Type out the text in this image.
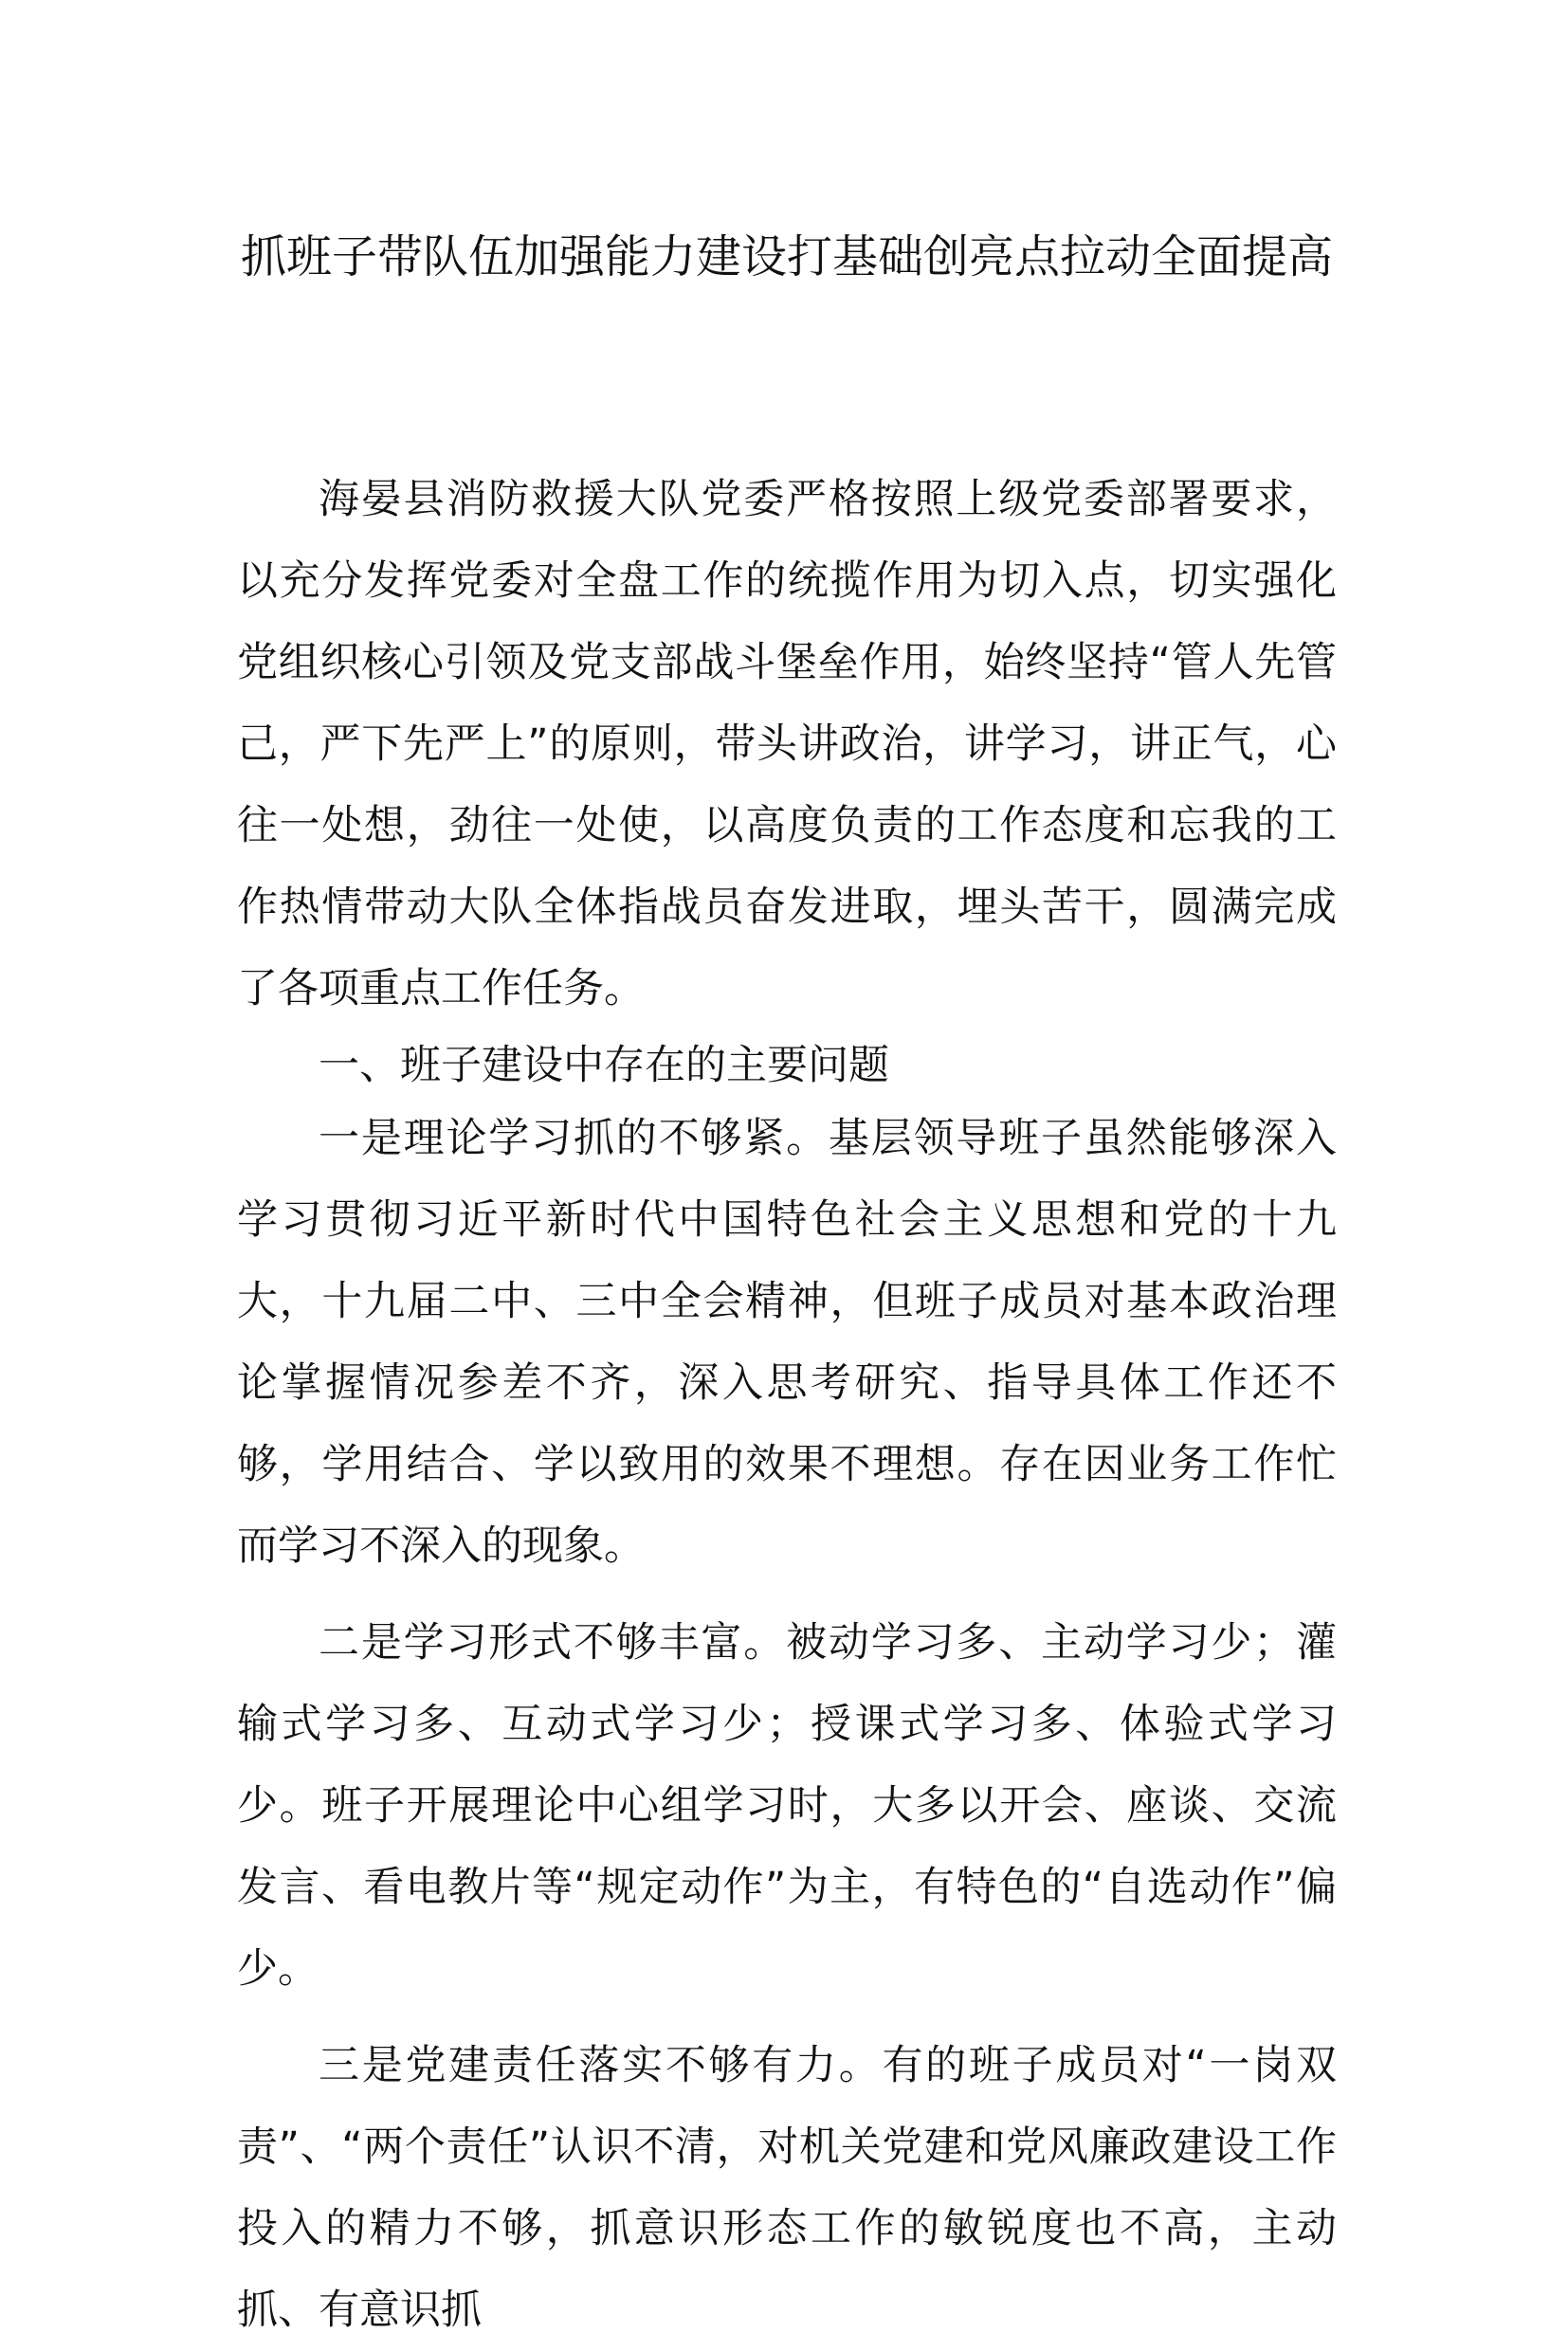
抓班子带队伍加强能力建设打基础创亮点拉动全面提高

海晏县消防救援大队党委严格按照上级党委部署要求，以充分发挥党委对全盘工作的统揽作用为切入点，切实强化党组织核心引领及党支部战斗堡垒作用，始终坚持“管人先管己，严下先严上”的原则，带头讲政治，讲学习，讲正气，心往一处想，劲往一处使，以高度负责的工作态度和忘我的工作热情带动大队全体指战员奋发进取，埋头苦干，圆满完成了各项重点工作任务。

一、班子建设中存在的主要问题

一是理论学习抓的不够紧。基层领导班子虽然能够深入学习贯彻习近平新时代中国特色社会主义思想和党的十九大，十九届二中、三中全会精神，但班子成员对基本政治理论掌握情况参差不齐，深入思考研究、指导具体工作还不够，学用结合、学以致用的效果不理想。存在因业务工作忙而学习不深入的现象。

二是学习形式不够丰富。被动学习多、主动学习少；灌输式学习多、互动式学习少；授课式学习多、体验式学习少。班子开展理论中心组学习时，大多以开会、座谈、交流发言、看电教片等“规定动作”为主，有特色的“自选动作”偏少。

三是党建责任落实不够有力。有的班子成员对“一岗双责”、“两个责任”认识不清，对机关党建和党风廉政建设工作投入的精力不够，抓意识形态工作的敏锐度也不高，主动抓、有意识抓
